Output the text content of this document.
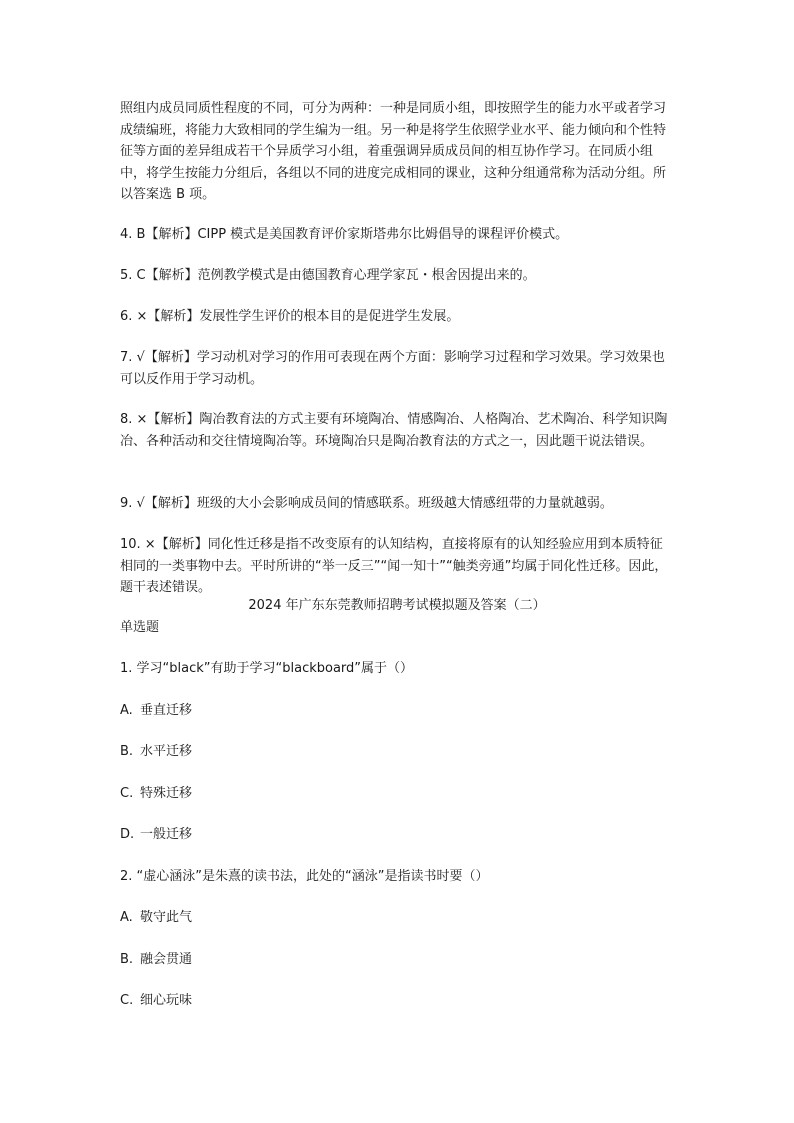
照组内成员同质性程度的不同，可分为两种：一种是同质小组，即按照学生的能力水平或者学习成绩编班，将能力大致相同的学生编为一组。另一种是将学生依照学业水平、能力倾向和个性特征等方面的差异组成若干个异质学习小组，着重强调异质成员间的相互协作学习。在同质小组中，将学生按能力分组后，各组以不同的进度完成相同的课业，这种分组通常称为活动分组。所以答案选 B 项。

4. B【解析】CIPP 模式是美国教育评价家斯塔弗尔比姆倡导的课程评价模式。

5. C【解析】范例教学模式是由德国教育心理学家瓦・根舍因提出来的。

6. ×【解析】发展性学生评价的根本目的是促进学生发展。

7. √【解析】学习动机对学习的作用可表现在两个方面：影响学习过程和学习效果。学习效果也可以反作用于学习动机。

8. ×【解析】陶冶教育法的方式主要有环境陶冶、情感陶冶、人格陶冶、艺术陶冶、科学知识陶冶、各种活动和交往情境陶冶等。环境陶冶只是陶冶教育法的方式之一，因此题干说法错误。

9. √【解析】班级的大小会影响成员间的情感联系。班级越大情感纽带的力量就越弱。

10. ×【解析】同化性迁移是指不改变原有的认知结构，直接将原有的认知经验应用到本质特征相同的一类事物中去。平时所讲的“举一反三”“闻一知十”“触类旁通”均属于同化性迁移。因此，题干表述错误。

2024 年广东东莞教师招聘考试模拟题及答案（二）

单选题

1. 学习“black”有助于学习“blackboard”属于（）

A. 垂直迁移

B. 水平迁移

C. 特殊迁移

D. 一般迁移

2. “虚心涵泳”是朱熹的读书法，此处的“涵泳”是指读书时要（）

A. 敬守此气

B. 融会贯通

C. 细心玩味
